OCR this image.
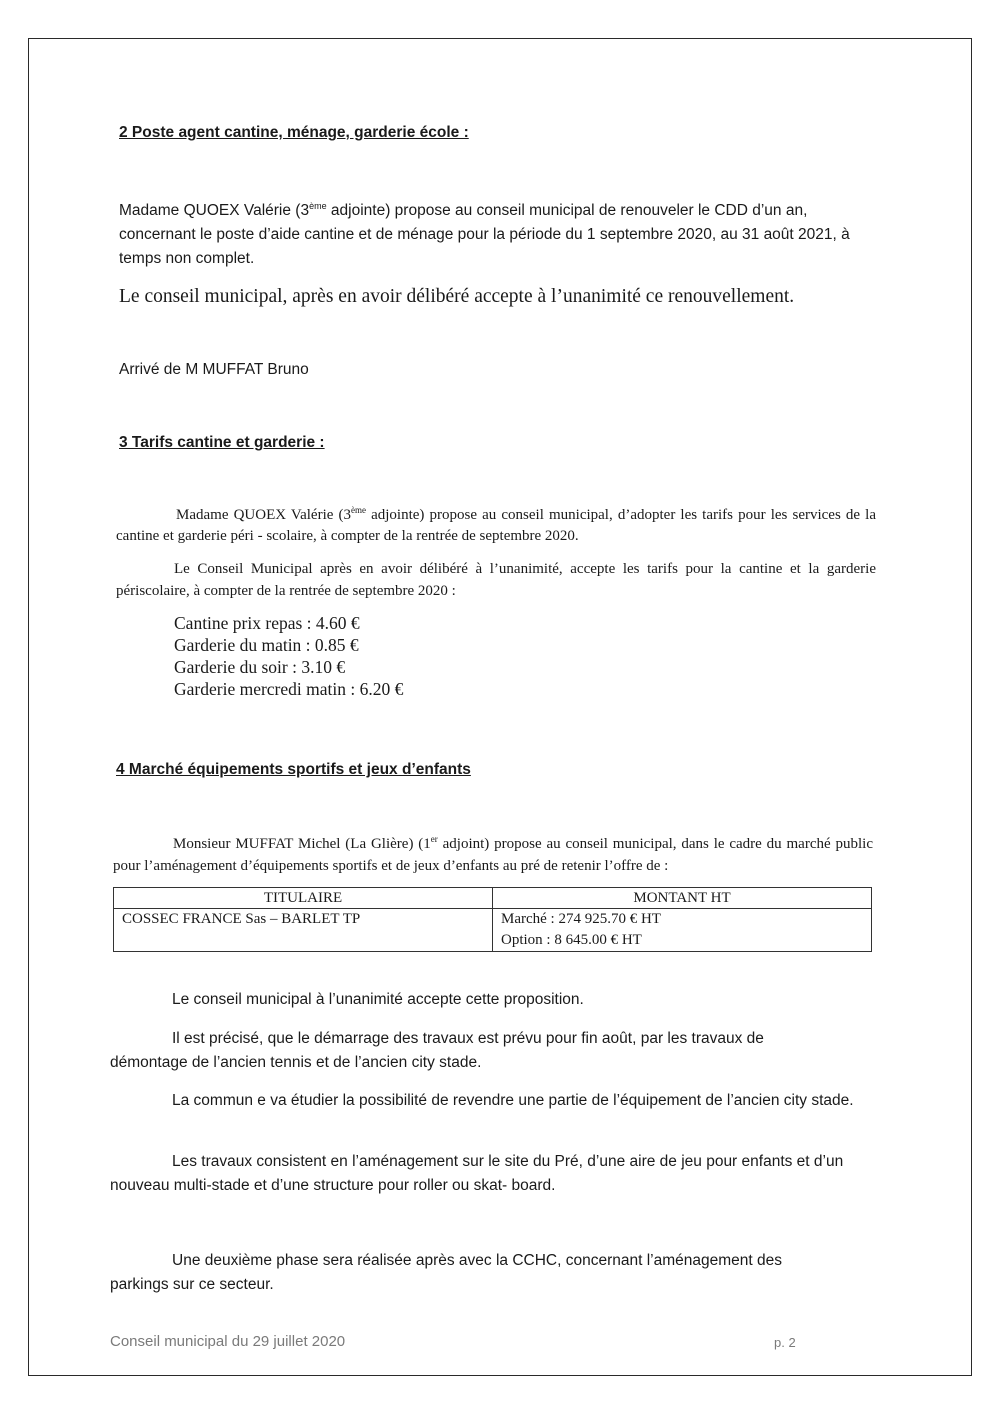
2 Poste agent cantine, ménage, garderie école :

Madame QUOEX Valérie (3ème adjointe) propose au conseil municipal de renouveler le CDD d’un an, concernant le poste d’aide cantine et de ménage pour la période du 1 septembre 2020, au 31 août 2021, à temps non complet.

Le conseil municipal, après en avoir délibéré accepte à l’unanimité ce renouvellement.

Arrivé de M MUFFAT Bruno

3 Tarifs cantine et garderie :

Madame QUOEX Valérie (3ème adjointe) propose au conseil municipal, d’adopter les tarifs pour les services de la cantine et garderie péri - scolaire, à compter de la rentrée de septembre 2020.

Le Conseil Municipal après en avoir délibéré à l’unanimité, accepte les tarifs pour la cantine et la garderie périscolaire, à compter de la rentrée de septembre 2020 :

Cantine prix repas : 4.60 €
Garderie du matin : 0.85 €
Garderie du soir : 3.10 €
Garderie mercredi matin : 6.20 €

4 Marché équipements sportifs et jeux d’enfants

Monsieur MUFFAT Michel (La Glière) (1er adjoint) propose au conseil municipal, dans le cadre du marché public pour l’aménagement d’équipements sportifs et de jeux d’enfants au pré de retenir l’offre de :

TITULAIRE	MONTANT HT
COSSEC FRANCE Sas – BARLET TP	Marché : 274 925.70 € HT
Option : 8 645.00 € HT

Le conseil municipal à l’unanimité accepte cette proposition.

Il est précisé, que le démarrage des travaux est prévu pour fin août, par les travaux de démontage de l’ancien tennis et de l’ancien city stade.

La commun e va étudier la possibilité de revendre une partie de l’équipement de l’ancien city stade.

Les travaux consistent en l’aménagement sur le site du Pré, d’une aire de jeu pour enfants et d’un nouveau multi-stade et d’une structure pour roller ou skat- board.

Une deuxième phase sera réalisée après avec la CCHC, concernant l’aménagement des parkings sur ce secteur.

Conseil municipal du 29 juillet 2020	p. 2
